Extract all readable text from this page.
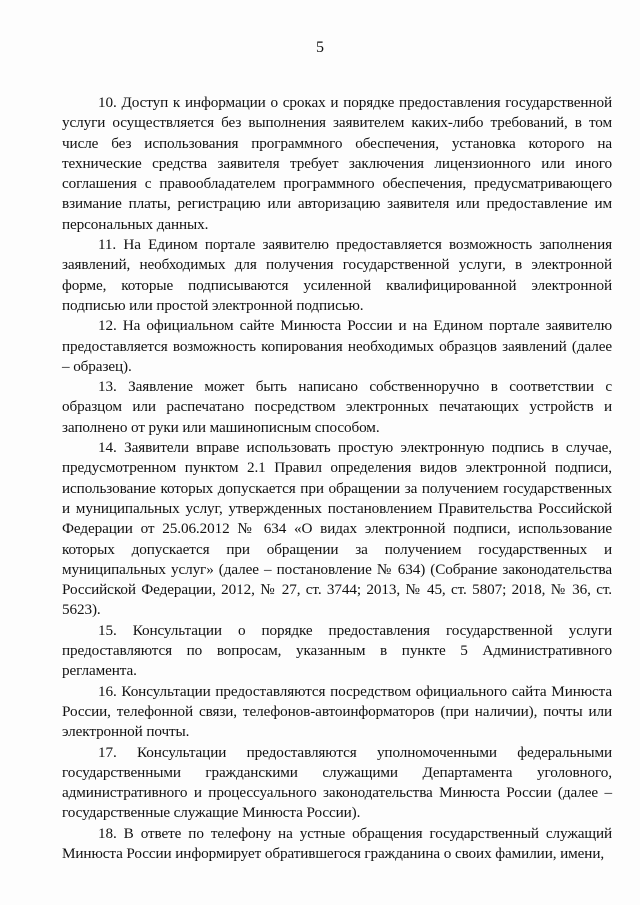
5

10. Доступ к информации о сроках и порядке предоставления государственной услуги осуществляется без выполнения заявителем каких-либо требований, в том числе без использования программного обеспечения, установка которого на технические средства заявителя требует заключения лицензионного или иного соглашения с правообладателем программного обеспечения, предусматривающего взимание платы, регистрацию или авторизацию заявителя или предоставление им персональных данных.

11. На Едином портале заявителю предоставляется возможность заполнения заявлений, необходимых для получения государственной услуги, в электронной форме, которые подписываются усиленной квалифицированной электронной подписью или простой электронной подписью.

12. На официальном сайте Минюста России и на Едином портале заявителю предоставляется возможность копирования необходимых образцов заявлений (далее – образец).

13. Заявление может быть написано собственноручно в соответствии с образцом или распечатано посредством электронных печатающих устройств и заполнено от руки или машинописным способом.

14. Заявители вправе использовать простую электронную подпись в случае, предусмотренном пунктом 2.1 Правил определения видов электронной подписи, использование которых допускается при обращении за получением государственных и муниципальных услуг, утвержденных постановлением Правительства Российской Федерации от 25.06.2012 № 634 «О видах электронной подписи, использование которых допускается при обращении за получением государственных и муниципальных услуг» (далее – постановление № 634) (Собрание законодательства Российской Федерации, 2012, № 27, ст. 3744; 2013, № 45, ст. 5807; 2018, № 36, ст. 5623).

15. Консультации о порядке предоставления государственной услуги предоставляются по вопросам, указанным в пункте 5 Административного регламента.

16. Консультации предоставляются посредством официального сайта Минюста России, телефонной связи, телефонов-автоинформаторов (при наличии), почты или электронной почты.

17. Консультации предоставляются уполномоченными федеральными государственными гражданскими служащими Департамента уголовного, административного и процессуального законодательства Минюста России (далее – государственные служащие Минюста России).

18. В ответе по телефону на устные обращения государственный служащий Минюста России информирует обратившегося гражданина о своих фамилии, имени,
